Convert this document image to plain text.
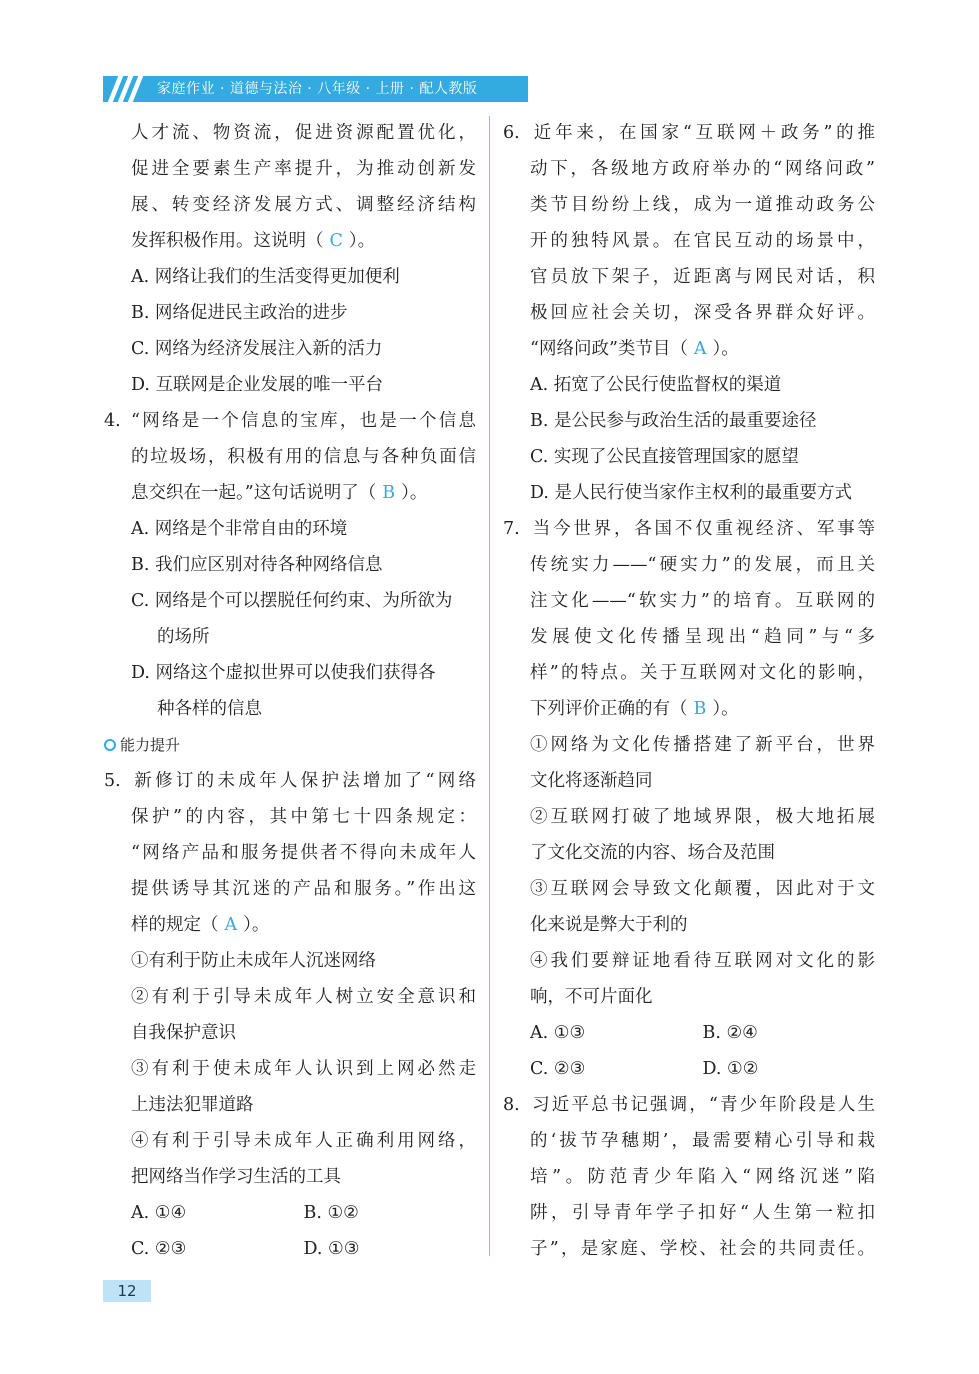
家庭作业 · 道德与法治 · 八年级 · 上册 · 配人教版
人才流、物资流，促进资源配置优化，
促进全要素生产率提升，为推动创新发
展、转变经济发展方式、调整经济结构
发挥积极作用。这说明（ C ）。
A. 网络让我们的生活变得更加便利
B. 网络促进民主政治的进步
C. 网络为经济发展注入新的活力
D. 互联网是企业发展的唯一平台
4. “网络是一个信息的宝库，也是一个信息
的垃圾场，积极有用的信息与各种负面信
息交织在一起。”这句话说明了（ B ）。
A. 网络是个非常自由的环境
B. 我们应区别对待各种网络信息
C. 网络是个可以摆脱任何约束、为所欲为
的场所
D. 网络这个虚拟世界可以使我们获得各
种各样的信息
能力提升
5. 新修订的未成年人保护法增加了“网络
保护”的内容，其中第七十四条规定：
“网络产品和服务提供者不得向未成年人
提供诱导其沉迷的产品和服务。”作出这
样的规定（ A ）。
①有利于防止未成年人沉迷网络
②有利于引导未成年人树立安全意识和
自我保护意识
③有利于使未成年人认识到上网必然走
上违法犯罪道路
④有利于引导未成年人正确利用网络，
把网络当作学习生活的工具
A. ①④	B. ①②
C. ②③	D. ①③
6. 近年来，在国家“互联网＋政务”的推
动下，各级地方政府举办的“网络问政”
类节目纷纷上线，成为一道推动政务公
开的独特风景。在官民互动的场景中，
官员放下架子，近距离与网民对话，积
极回应社会关切，深受各界群众好评。
“网络问政”类节目（ A ）。
A. 拓宽了公民行使监督权的渠道
B. 是公民参与政治生活的最重要途径
C. 实现了公民直接管理国家的愿望
D. 是人民行使当家作主权利的最重要方式
7. 当今世界，各国不仅重视经济、军事等
传统实力——“硬实力”的发展，而且关
注文化——“软实力”的培育。互联网的
发展使文化传播呈现出“趋同”与“多
样”的特点。关于互联网对文化的影响，
下列评价正确的有（ B ）。
①网络为文化传播搭建了新平台，世界
文化将逐渐趋同
②互联网打破了地域界限，极大地拓展
了文化交流的内容、场合及范围
③互联网会导致文化颠覆，因此对于文
化来说是弊大于利的
④我们要辩证地看待互联网对文化的影
响，不可片面化
A. ①③	B. ②④
C. ②③	D. ①②
8. 习近平总书记强调，“青少年阶段是人生
的‘拔节孕穗期’，最需要精心引导和栽
培”。防范青少年陷入“网络沉迷”陷
阱，引导青年学子扣好“人生第一粒扣
子”，是家庭、学校、社会的共同责任。
12
